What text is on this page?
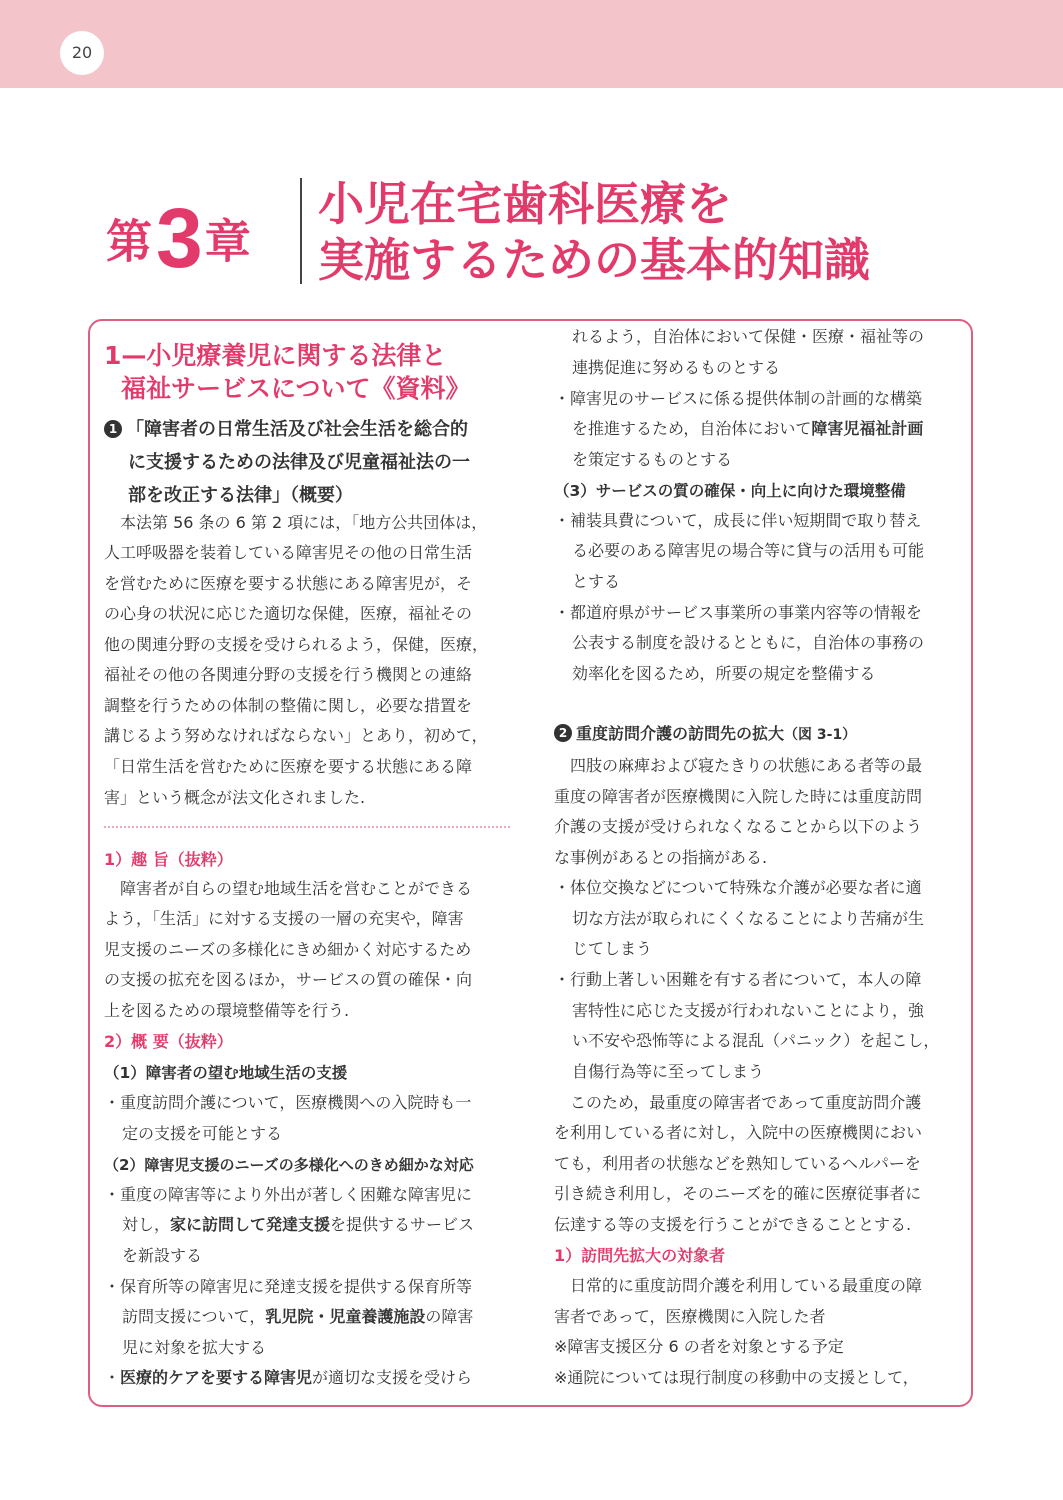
20
第3章
小児在宅歯科医療を
実施するための基本的知識
1—小児療養児に関する法律と
福祉サービスについて《資料》
1 「障害者の日常生活及び社会生活を総合的
に支援するための法律及び児童福祉法の一
部を改正する法律」（概要）
本法第 56 条の 6 第 2 項には，「地方公共団体は，
人工呼吸器を装着している障害児その他の日常生活
を営むために医療を要する状態にある障害児が，そ
の心身の状況に応じた適切な保健，医療，福祉その
他の関連分野の支援を受けられるよう，保健，医療，
福祉その他の各関連分野の支援を行う機関との連絡
調整を行うための体制の整備に関し，必要な措置を
講じるよう努めなければならない」とあり，初めて，
「日常生活を営むために医療を要する状態にある障
害」という概念が法文化されました.
1）趣 旨（抜粋）
障害者が自らの望む地域生活を営むことができる
よう，「生活」に対する支援の一層の充実や，障害
児支援のニーズの多様化にきめ細かく対応するため
の支援の拡充を図るほか，サービスの質の確保・向
上を図るための環境整備等を行う.
2）概 要（抜粋）
（1）障害者の望む地域生活の支援
・重度訪問介護について，医療機関への入院時も一
定の支援を可能とする
（2）障害児支援のニーズの多様化へのきめ細かな対応
・重度の障害等により外出が著しく困難な障害児に
対し，家に訪問して発達支援を提供するサービス
を新設する
・保育所等の障害児に発達支援を提供する保育所等
訪問支援について，乳児院・児童養護施設の障害
児に対象を拡大する
・医療的ケアを要する障害児が適切な支援を受けら
れるよう，自治体において保健・医療・福祉等の
連携促進に努めるものとする
・障害児のサービスに係る提供体制の計画的な構築
を推進するため，自治体において障害児福祉計画
を策定するものとする
（3）サービスの質の確保・向上に向けた環境整備
・補装具費について，成長に伴い短期間で取り替え
る必要のある障害児の場合等に貸与の活用も可能
とする
・都道府県がサービス事業所の事業内容等の情報を
公表する制度を設けるとともに，自治体の事務の
効率化を図るため，所要の規定を整備する
2 重度訪問介護の訪問先の拡大（図 3-1）
四肢の麻痺および寝たきりの状態にある者等の最
重度の障害者が医療機関に入院した時には重度訪問
介護の支援が受けられなくなることから以下のよう
な事例があるとの指摘がある.
・体位交換などについて特殊な介護が必要な者に適
切な方法が取られにくくなることにより苦痛が生
じてしまう
・行動上著しい困難を有する者について，本人の障
害特性に応じた支援が行われないことにより，強
い不安や恐怖等による混乱（パニック）を起こし，
自傷行為等に至ってしまう
このため，最重度の障害者であって重度訪問介護
を利用している者に対し，入院中の医療機関におい
ても，利用者の状態などを熟知しているヘルパーを
引き続き利用し，そのニーズを的確に医療従事者に
伝達する等の支援を行うことができることとする.
1）訪問先拡大の対象者
日常的に重度訪問介護を利用している最重度の障
害者であって，医療機関に入院した者
※障害支援区分 6 の者を対象とする予定
※通院については現行制度の移動中の支援として，
